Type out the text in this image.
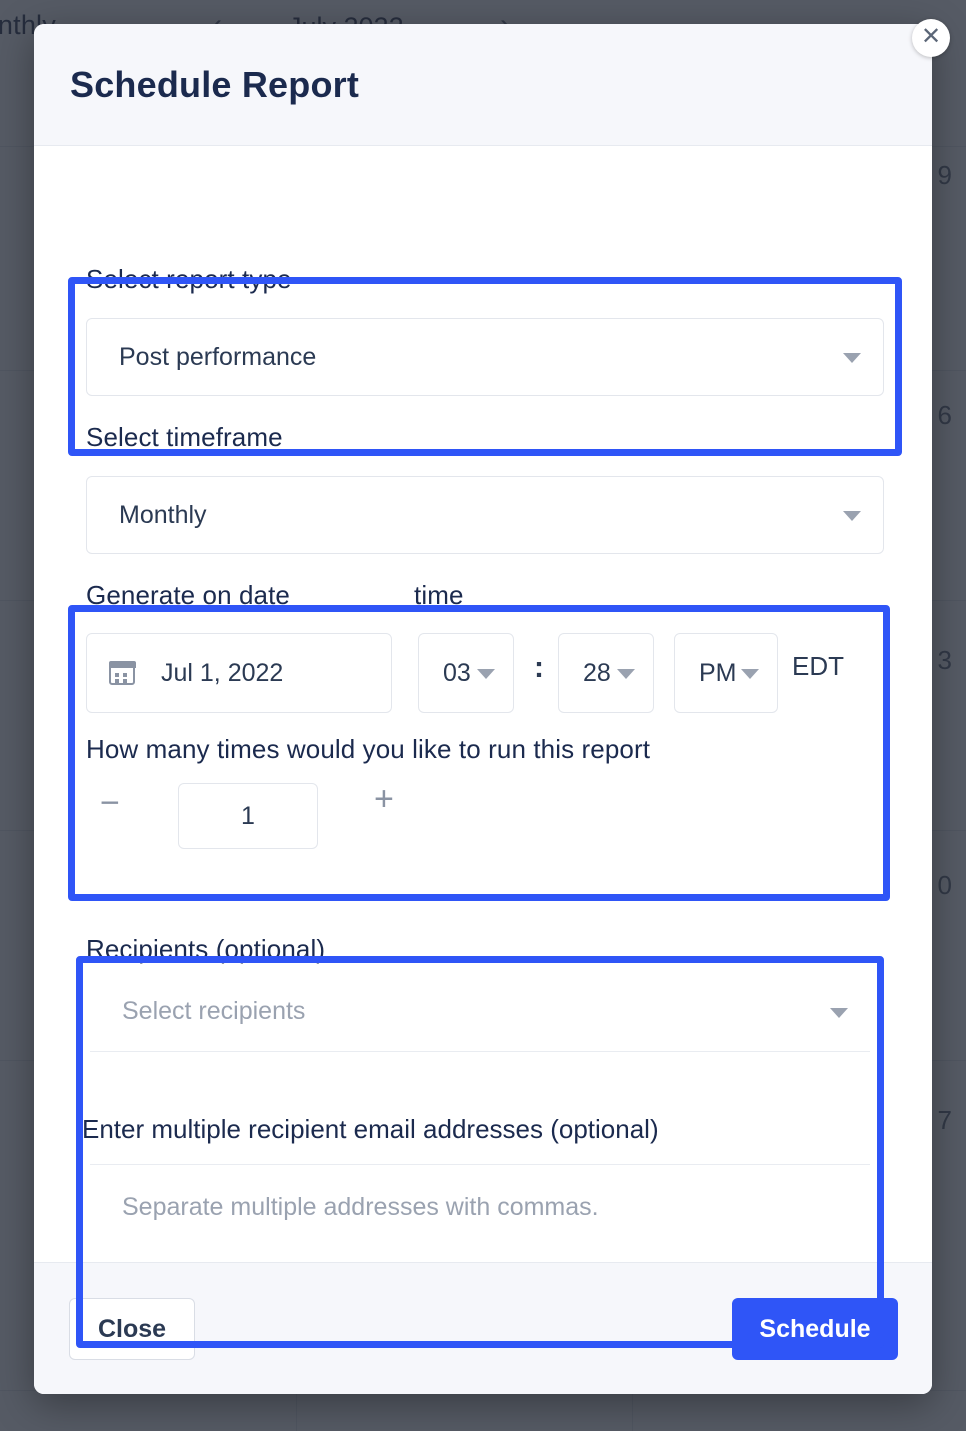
Schedule Report
Select report type
Post performance
Select timeframe
Monthly
Generate on date	time
Jul 1, 2022	03 : 28	PM EDT
How many times would you like to run this report
−
1	+
Recipients (optional)
Select recipients
Enter multiple recipient email addresses (optional)
Separate multiple addresses with commas.
Close	Schedule
✕
